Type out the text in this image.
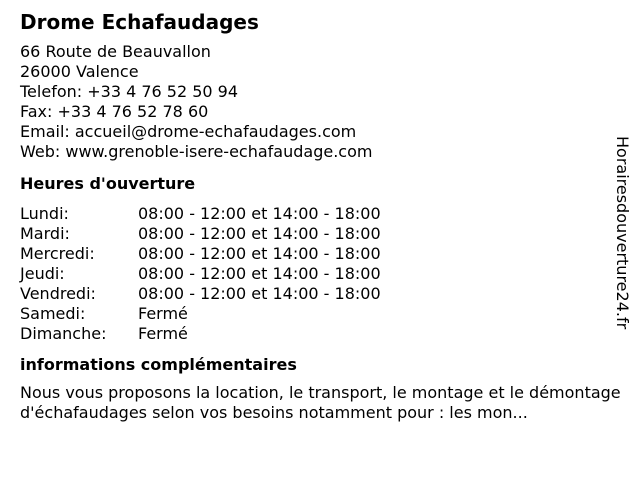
Drome Echafaudages
66 Route de Beauvallon
26000 Valence
Telefon: +33 4 76 52 50 94
Fax: +33 4 76 52 78 60
Email: accueil@drome-echafaudages.com
Web: www.grenoble-isere-echafaudage.com
Heures d'ouverture
Lundi:	08:00 - 12:00 et 14:00 - 18:00
Mardi:	08:00 - 12:00 et 14:00 - 18:00
Mercredi:	08:00 - 12:00 et 14:00 - 18:00
Jeudi:	08:00 - 12:00 et 14:00 - 18:00
Vendredi:	08:00 - 12:00 et 14:00 - 18:00
Samedi:	Fermé
Dimanche:	Fermé
informations complémentaires
Nous vous proposons la location, le transport, le montage et le démontage d'échafaudages selon vos besoins notamment pour : les mon...
Horairesdouverture24.fr
